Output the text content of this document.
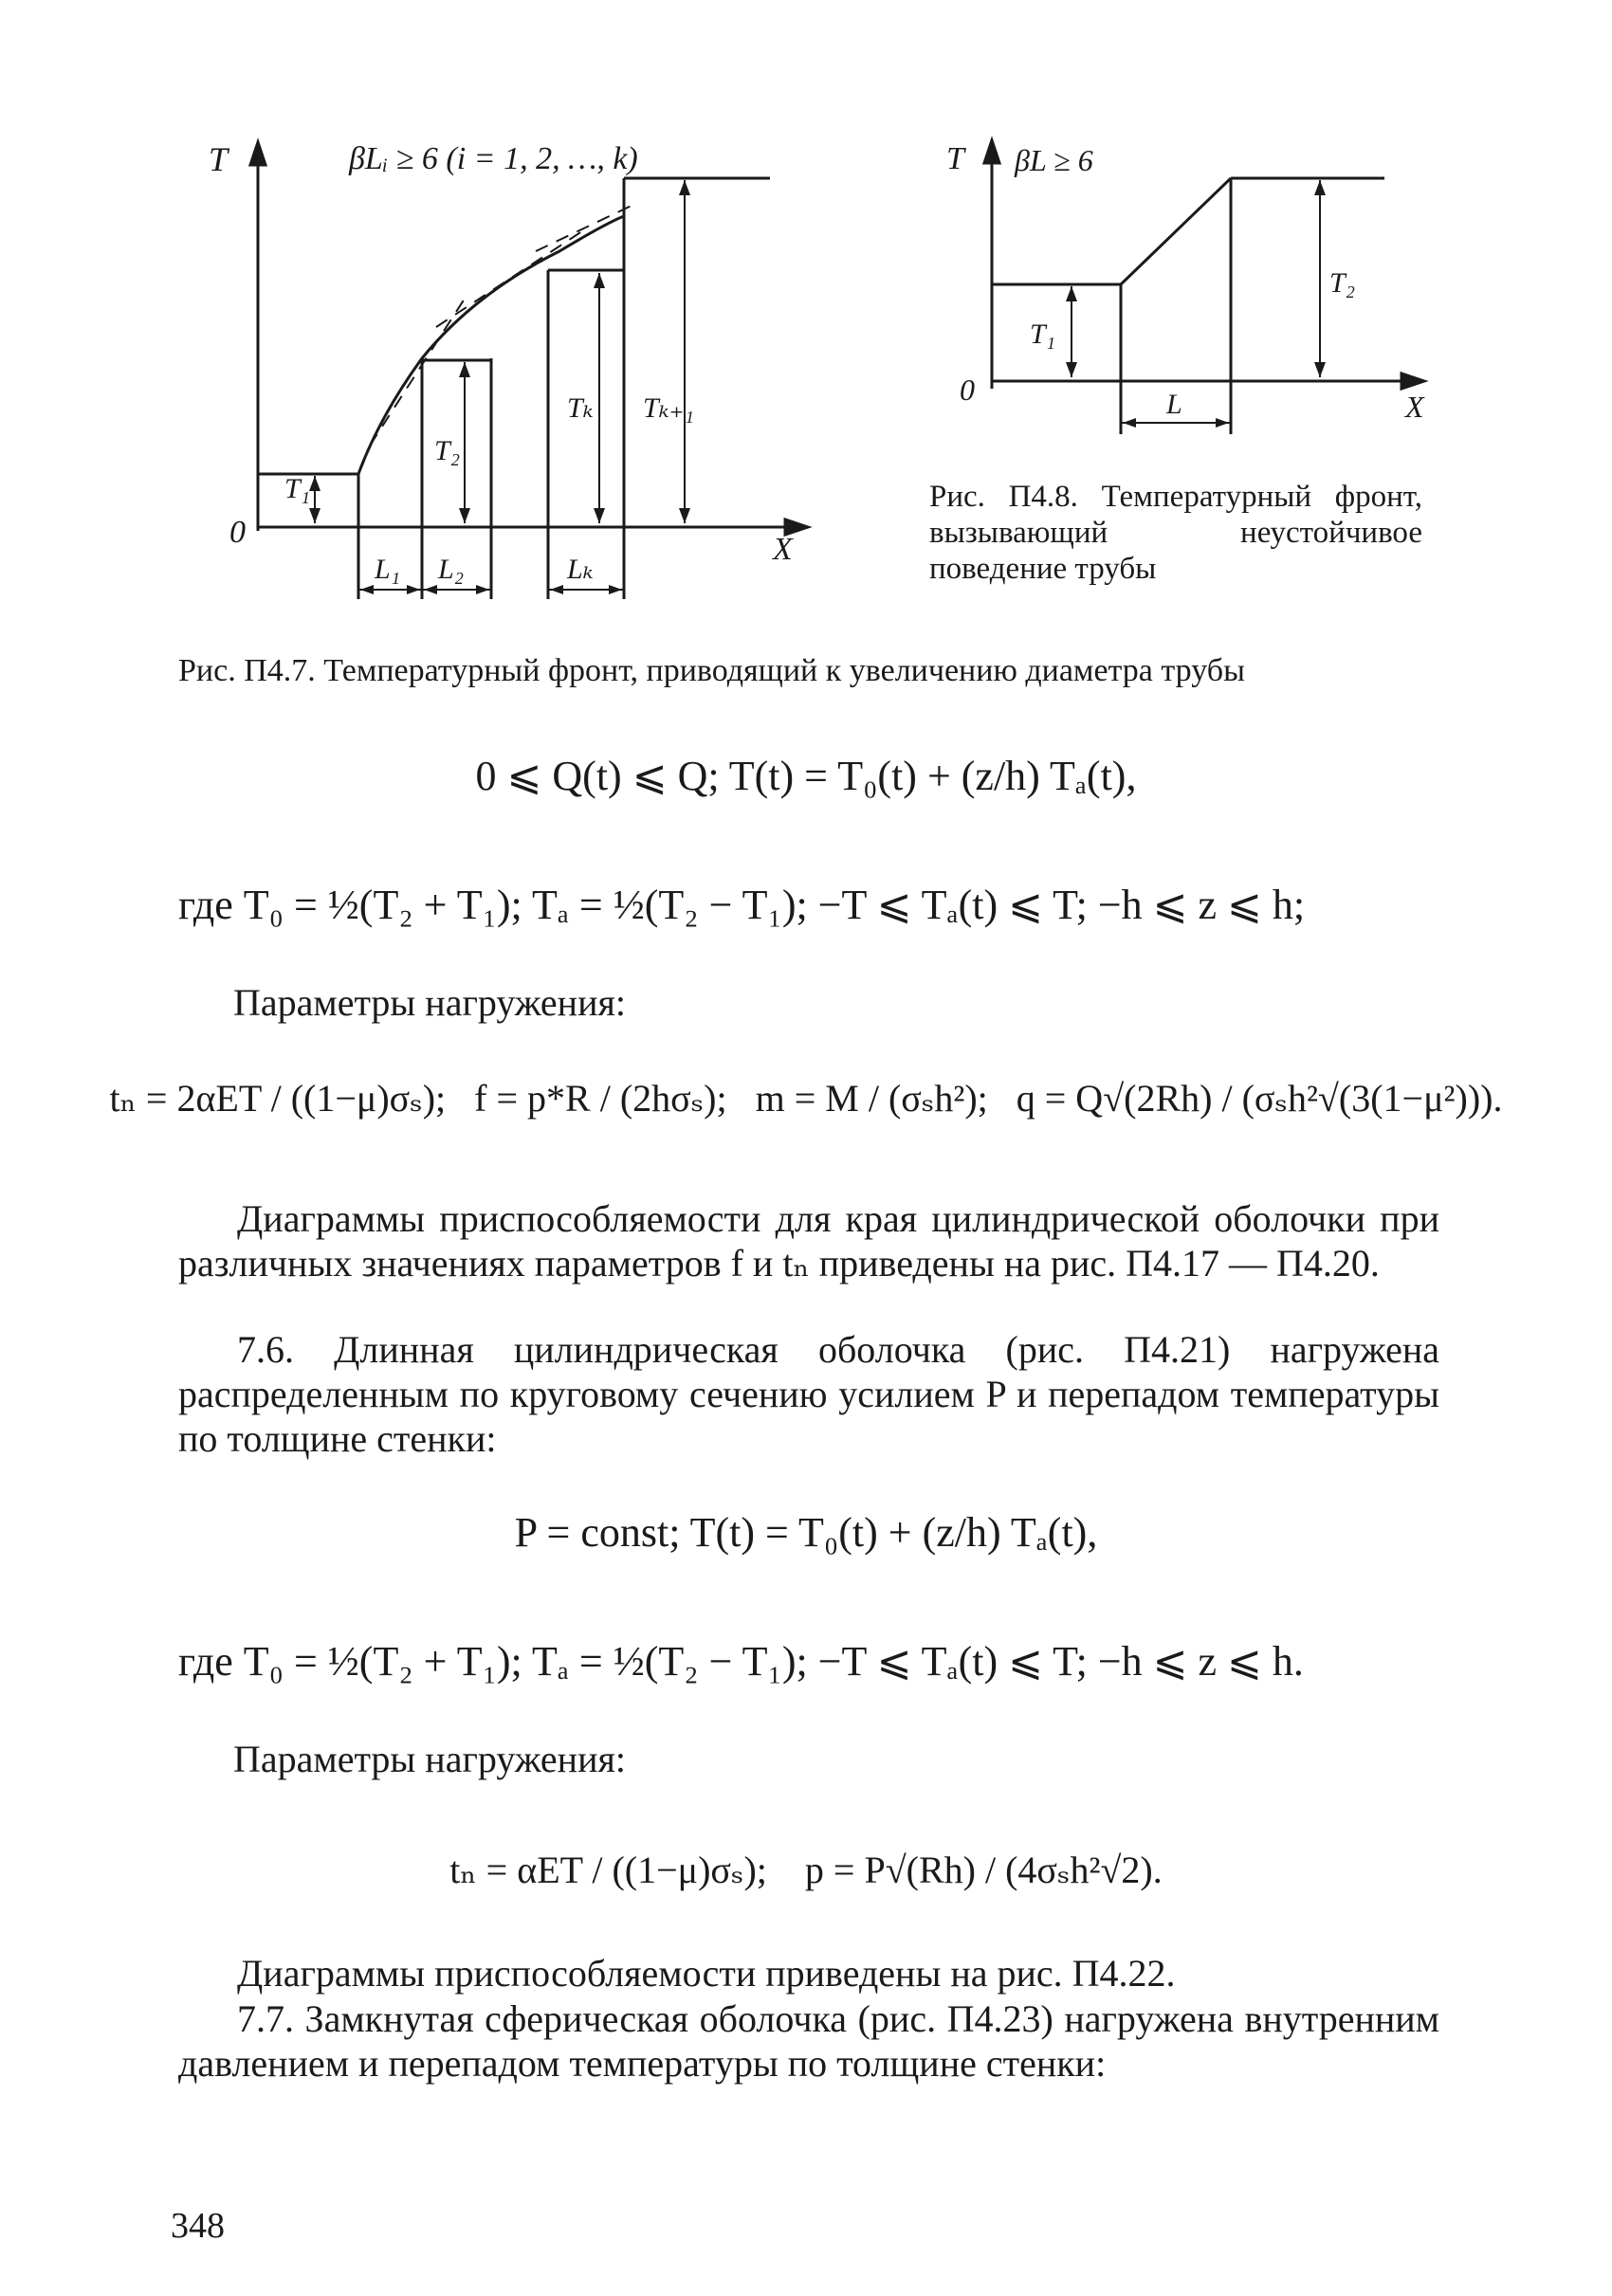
T
X
0
βLᵢ ≥ 6 (i = 1, 2, …, k)
T₁
T₂
Tₖ Tₖ₊₁
L₁ L₂	Lₖ
T
X
0
βL ≥ 6
T₁
T₂
L
Рис. П4.8. Температурный фронт, вызывающий неустойчивое поведение трубы
Рис. П4.7. Температурный фронт, приводящий к увеличению диаметра трубы
0 ⩽ Q(t) ⩽ Q; T(t) = T₀(t) + (z/h) Tₐ(t),
где T₀ = ½(T₂ + T₁); Tₐ = ½(T₂ − T₁); −T ⩽ Tₐ(t) ⩽ T; −h ⩽ z ⩽ h;
Параметры нагружения:
tₙ = 2αET / ((1−μ)σₛ); f = p*R / (2hσₛ); m = M / (σₛh²); q = Q√(2Rh) / (σₛh²√(3(1−μ²))).
Диаграммы приспособляемости для края цилиндрической оболочки при различных значениях параметров f и tₙ приведены на рис. П4.17 — П4.20.
7.6. Длинная цилиндрическая оболочка (рис. П4.21) нагружена распределенным по круговому сечению усилием P и перепадом температуры по толщине стенки:
P = const; T(t) = T₀(t) + (z/h) Tₐ(t),
где T₀ = ½(T₂ + T₁); Tₐ = ½(T₂ − T₁); −T ⩽ Tₐ(t) ⩽ T; −h ⩽ z ⩽ h.
Параметры нагружения:
tₙ = αET / ((1−μ)σₛ); p = P√(Rh) / (4σₛh²√2).
Диаграммы приспособляемости приведены на рис. П4.22.
7.7. Замкнутая сферическая оболочка (рис. П4.23) нагружена внутренним давлением и перепадом температуры по толщине стенки:
348
